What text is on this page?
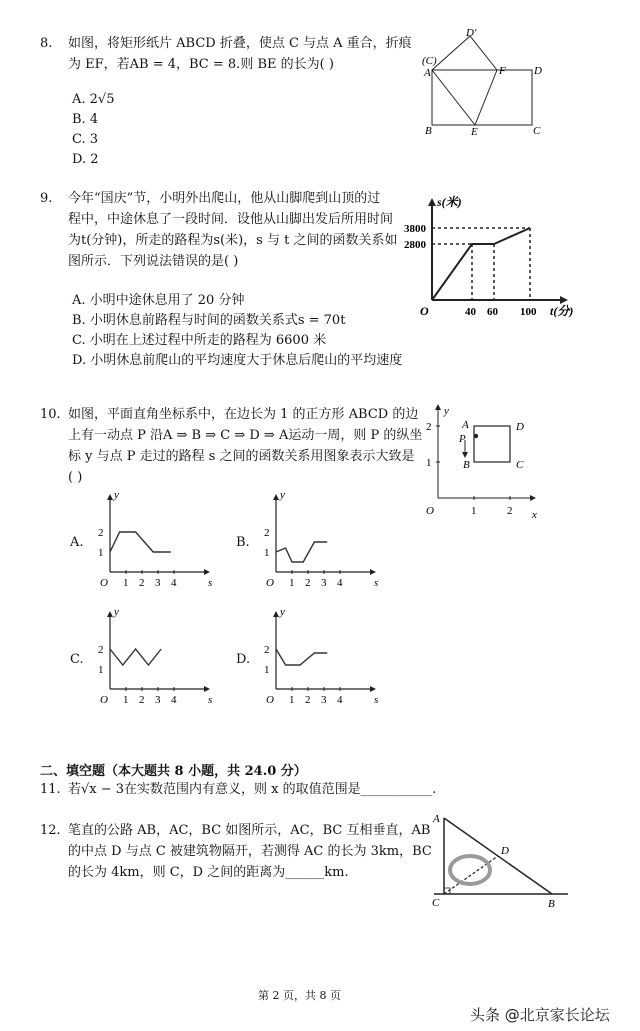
8. 如图，将矩形纸片 ABCD 折叠，使点 C 与点 A 重合，折痕
为 EF，若AB = 4，BC = 8.则 BE 的长为( )
A. 2√5
B. 4
C. 3
D. 2
D'
(C)
A	F	D
B	E	C
9. 今年“国庆”节，小明外出爬山，他从山脚爬到山顶的过
程中，中途休息了一段时间．设他从山脚出发后所用时间
为t(分钟)，所走的路程为s(米)，s 与 t 之间的函数关系如
图所示．下列说法错误的是( )
A. 小明中途休息用了 20 分钟
B. 小明休息前路程与时间的函数关系式s = 70t
C. 小明在上述过程中所走的路程为 6600 米
D. 小明休息前爬山的平均速度大于休息后爬山的平均速度
s(米)
3800
2800
O	40 60 100 t(分)
10. 如图，平面直角坐标系中，在边长为 1 的正方形 ABCD 的边
上有一动点 P 沿A ⇒ B ⇒ C ⇒ D ⇒ A运动一周，则 P 的纵坐
标 y 与点 P 走过的路程 s 之间的函数关系用图象表示大致是
( )
y
x
O
2
1
1	2
A
P
B
D
C
A.	B.
C.	D.
y
s
O
1
2
1 2 3 4
y
s
O
1
2
1 2 3 4
y
s
O
1
2
1 2 3 4
y
s
O
1
2
1 2 3 4
二、填空题（本大题共 8 小题，共 24.0 分）
11. 若√x − 3在实数范围内有意义，则 x 的取值范围是___________.
12. 笔直的公路 AB，AC，BC 如图所示，AC，BC 互相垂直，AB
的中点 D 与点 C 被建筑物隔开，若测得 AC 的长为 3km，BC
的长为 4km，则 C，D 之间的距离为______km.
A
D
C	B
第 2 页，共 8 页
头条 @北京家长论坛
